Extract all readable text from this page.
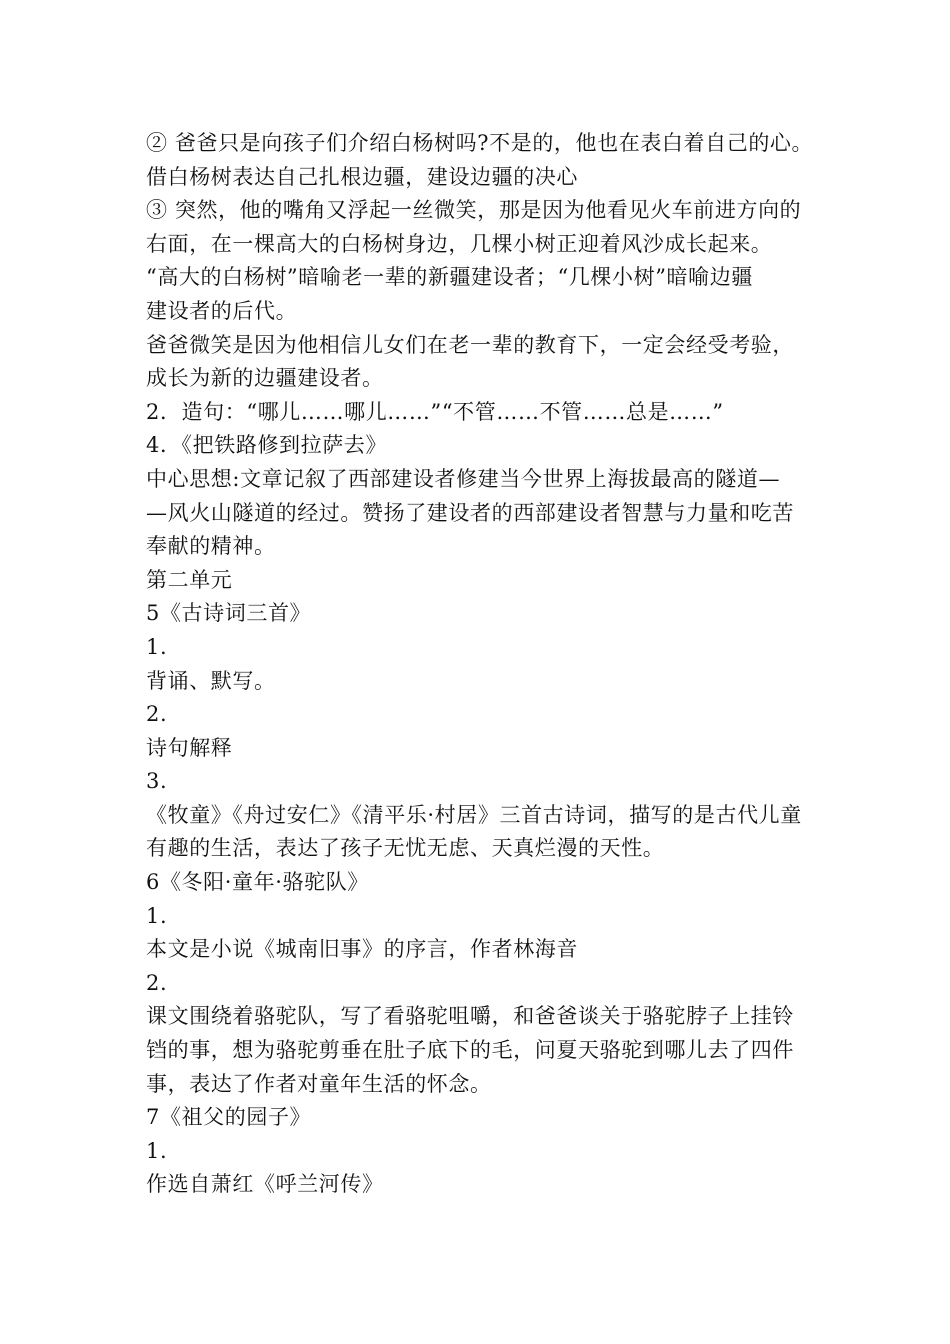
② 爸爸只是向孩子们介绍白杨树吗?不是的，他也在表白着自己的心。
借白杨树表达自己扎根边疆，建设边疆的决心
③ 突然，他的嘴角又浮起一丝微笑，那是因为他看见火车前进方向的
右面，在一棵高大的白杨树身边，几棵小树正迎着风沙成长起来。
“高大的白杨树”暗喻老一辈的新疆建设者；“几棵小树”暗喻边疆
建设者的后代。
爸爸微笑是因为他相信儿女们在老一辈的教育下，一定会经受考验，
成长为新的边疆建设者。
2．造句：“哪儿……哪儿……”“不管……不管……总是……”
4．《把铁路修到拉萨去》
中心思想:文章记叙了西部建设者修建当今世界上海拔最高的隧道—
—风火山隧道的经过。赞扬了建设者的西部建设者智慧与力量和吃苦
奉献的精神。
第二单元
5《古诗词三首》
1.
背诵、默写。
2.
诗句解释
3.
《牧童》《舟过安仁》《清平乐·村居》三首古诗词，描写的是古代儿童
有趣的生活，表达了孩子无忧无虑、天真烂漫的天性。
6《冬阳·童年·骆驼队》
1.
本文是小说《城南旧事》的序言，作者林海音
2.
课文围绕着骆驼队，写了看骆驼咀嚼，和爸爸谈关于骆驼脖子上挂铃
铛的事，想为骆驼剪垂在肚子底下的毛，问夏天骆驼到哪儿去了四件
事，表达了作者对童年生活的怀念。
7《祖父的园子》
1.
作选自萧红《呼兰河传》
